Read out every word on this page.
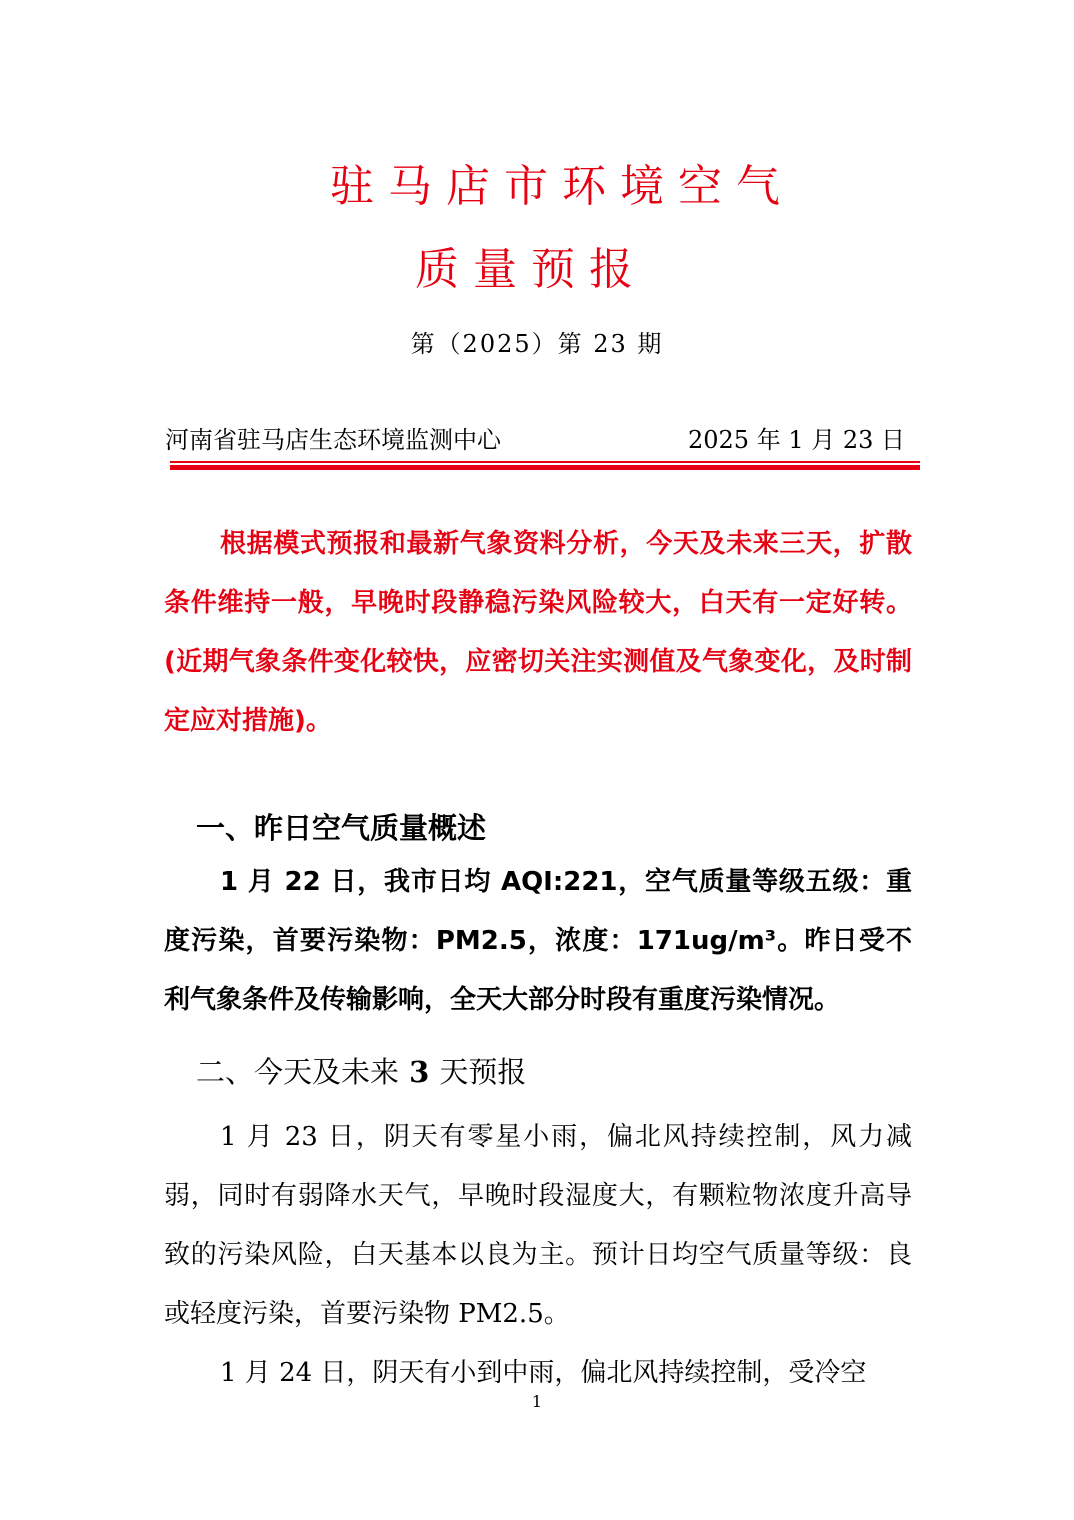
驻马店市环境空气
质量预报
第（2025）第 23 期
河南省驻马店生态环境监测中心	2025 年 1 月 23 日

根据模式预报和最新气象资料分析，今天及未来三天，扩散条件维持一般，早晚时段静稳污染风险较大，白天有一定好转。(近期气象条件变化较快，应密切关注实测值及气象变化，及时制定应对措施)。

一、昨日空气质量概述

1 月 22 日，我市日均 AQI:221，空气质量等级五级：重度污染，首要污染物：PM2.5，浓度：171ug/m³。昨日受不利气象条件及传输影响，全天大部分时段有重度污染情况。

二、今天及未来 3 天预报

1 月 23 日，阴天有零星小雨，偏北风持续控制，风力减弱，同时有弱降水天气，早晚时段湿度大，有颗粒物浓度升高导致的污染风险，白天基本以良为主。预计日均空气质量等级：良或轻度污染，首要污染物 PM2.5。

1 月 24 日，阴天有小到中雨，偏北风持续控制，受冷空

1
